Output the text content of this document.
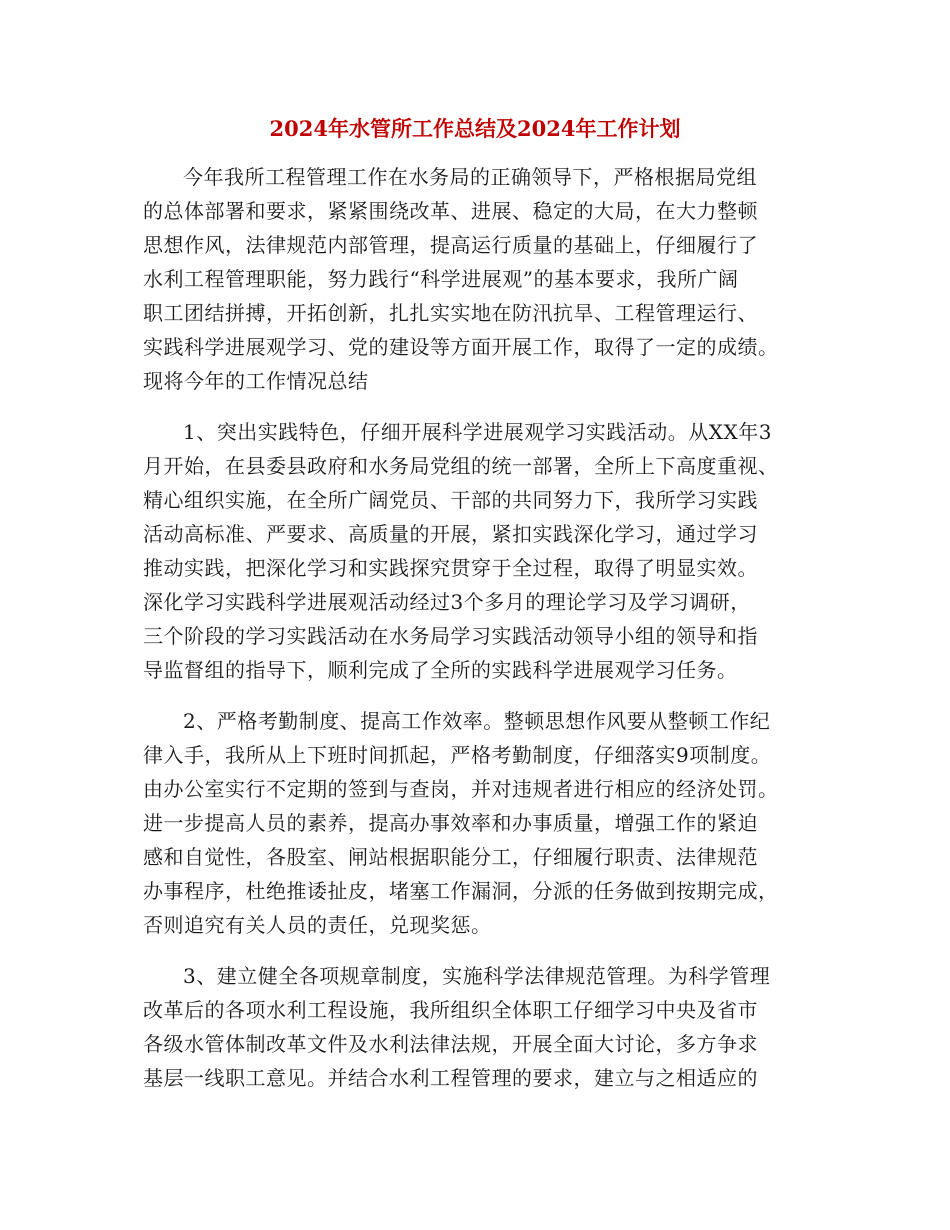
2024年水管所工作总结及2024年工作计划
今年我所工程管理工作在水务局的正确领导下，严格根据局党组
的总体部署和要求，紧紧围绕改革、进展、稳定的大局，在大力整顿
思想作风，法律规范内部管理，提高运行质量的基础上，仔细履行了
水利工程管理职能，努力践行“科学进展观”的基本要求，我所广阔
职工团结拼搏，开拓创新，扎扎实实地在防汛抗旱、工程管理运行、
实践科学进展观学习、党的建设等方面开展工作，取得了一定的成绩。
现将今年的工作情况总结
1、突出实践特色，仔细开展科学进展观学习实践活动。从XX年3
月开始，在县委县政府和水务局党组的统一部署，全所上下高度重视、
精心组织实施，在全所广阔党员、干部的共同努力下，我所学习实践
活动高标准、严要求、高质量的开展，紧扣实践深化学习，通过学习
推动实践，把深化学习和实践探究贯穿于全过程，取得了明显实效。
深化学习实践科学进展观活动经过3个多月的理论学习及学习调研，
三个阶段的学习实践活动在水务局学习实践活动领导小组的领导和指
导监督组的指导下，顺利完成了全所的实践科学进展观学习任务。
2、严格考勤制度、提高工作效率。整顿思想作风要从整顿工作纪
律入手，我所从上下班时间抓起，严格考勤制度，仔细落实9项制度。
由办公室实行不定期的签到与查岗，并对违规者进行相应的经济处罚。
进一步提高人员的素养，提高办事效率和办事质量，增强工作的紧迫
感和自觉性，各股室、闸站根据职能分工，仔细履行职责、法律规范
办事程序，杜绝推诿扯皮，堵塞工作漏洞，分派的任务做到按期完成，
否则追究有关人员的责任，兑现奖惩。
3、建立健全各项规章制度，实施科学法律规范管理。为科学管理
改革后的各项水利工程设施，我所组织全体职工仔细学习中央及省市
各级水管体制改革文件及水利法律法规，开展全面大讨论，多方争求
基层一线职工意见。并结合水利工程管理的要求，建立与之相适应的
